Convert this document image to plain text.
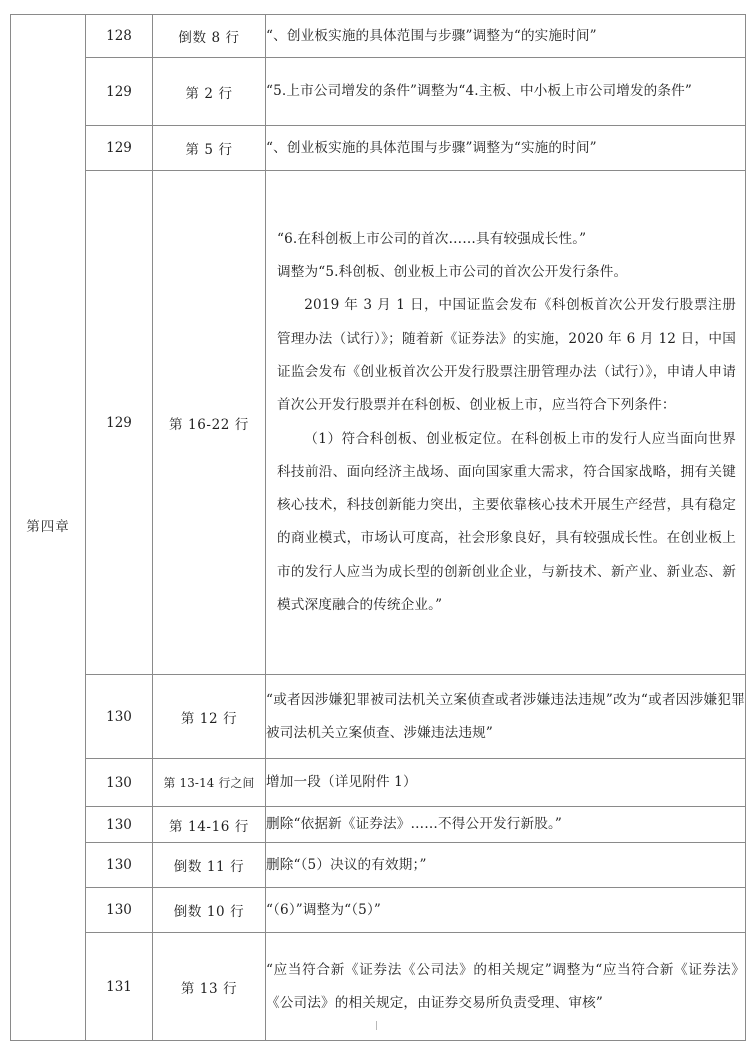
第四章	128	倒数 8 行	“、创业板实施的具体范围与步骤”调整为“的实施时间”

	129	第 2 行	“5.上市公司增发的条件”调整为“4.主板、中小板上市公司增发的条件”

	129	第 5 行	“、创业板实施的具体范围与步骤”调整为“实施的时间”

	129	第 16-22 行	“6.在科创板上市公司的首次……具有较强成长性。”

调整为“5.科创板、创业板上市公司的首次公开发行条件。

2019 年 3 月 1 日，中国证监会发布《科创板首次公开发行股票注册管理办法（试行）》；随着新《证券法》的实施，2020 年 6 月 12 日，中国证监会发布《创业板首次公开发行股票注册管理办法（试行）》，申请人申请首次公开发行股票并在科创板、创业板上市，应当符合下列条件：

（1）符合科创板、创业板定位。在科创板上市的发行人应当面向世界科技前沿、面向经济主战场、面向国家重大需求，符合国家战略，拥有关键核心技术，科技创新能力突出，主要依靠核心技术开展生产经营，具有稳定的商业模式，市场认可度高，社会形象良好，具有较强成长性。在创业板上市的发行人应当为成长型的创新创业企业，与新技术、新产业、新业态、新模式深度融合的传统企业。”

	130	第 12 行	“或者因涉嫌犯罪被司法机关立案侦查或者涉嫌违法违规”改为“或者因涉嫌犯罪被司法机关立案侦查、涉嫌违法违规”

	130	第 13-14 行之间	增加一段（详见附件 1）

	130	第 14-16 行	删除“依据新《证券法》……不得公开发行新股。”

	130	倒数 11 行	删除“（5）决议的有效期；”

	130	倒数 10 行	“（6）”调整为“（5）”

	131	第 13 行	“应当符合新《证券法《公司法》的相关规定”调整为“应当符合新《证券法》《公司法》的相关规定，由证券交易所负责受理、审核”
